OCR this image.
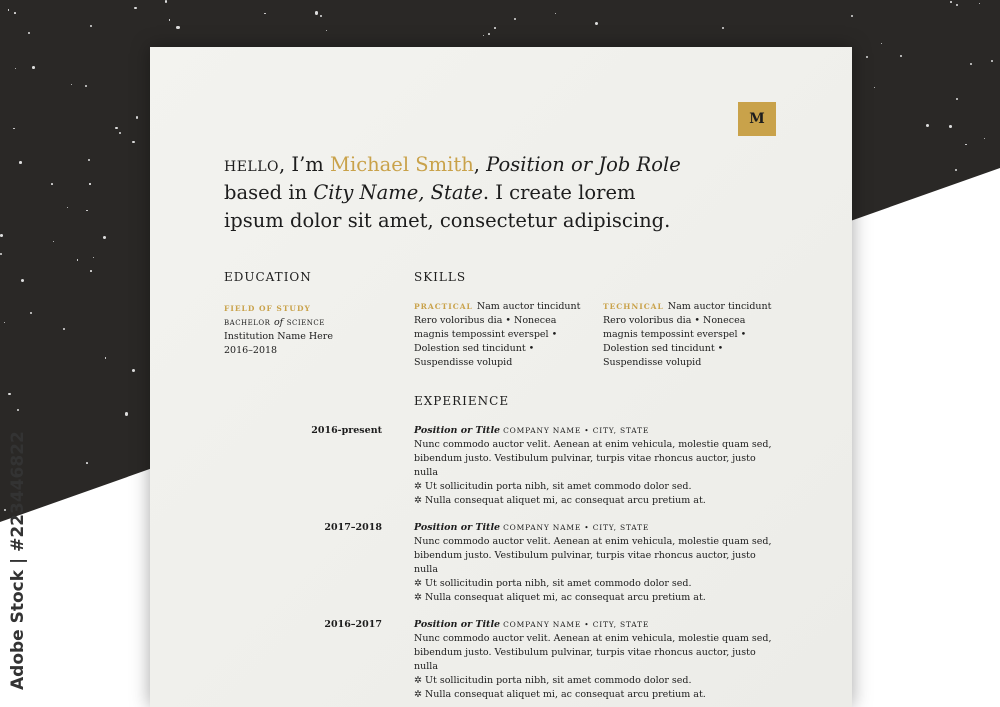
Adobe Stock | #223446822
M
hello, I’m Michael Smith, Position or Job Role
based in City Name, State. I create lorem ipsum dolor sit amet, consectetur adipiscing.
EDUCATION
FIELD OF STUDY
bachelor of science
Institution Name Here
2016–2018
SKILLS
PRACTICAL Nam auctor tincidunt Rero voloribus dia • Nonecea magnis tempossint everspel • Dolestion sed tincidunt • Suspendisse volupid
TECHNICAL Nam auctor tincidunt Rero voloribus dia • Nonecea magnis tempossint everspel • Dolestion sed tincidunt • Suspendisse volupid
EXPERIENCE
2016-present	Position or Title COMPANY NAME • CITY, STATE
Nunc commodo auctor velit. Aenean at enim vehicula, molestie quam sed, bibendum justo. Vestibulum pulvinar, turpis vitae rhoncus auctor, justo nulla
✲ Ut sollicitudin porta nibh, sit amet commodo dolor sed.
✲ Nulla consequat aliquet mi, ac consequat arcu pretium at.
2017–2018	Position or Title COMPANY NAME • CITY, STATE
Nunc commodo auctor velit. Aenean at enim vehicula, molestie quam sed, bibendum justo. Vestibulum pulvinar, turpis vitae rhoncus auctor, justo nulla
✲ Ut sollicitudin porta nibh, sit amet commodo dolor sed.
✲ Nulla consequat aliquet mi, ac consequat arcu pretium at.
2016–2017	Position or Title COMPANY NAME • CITY, STATE
Nunc commodo auctor velit. Aenean at enim vehicula, molestie quam sed, bibendum justo. Vestibulum pulvinar, turpis vitae rhoncus auctor, justo nulla
✲ Ut sollicitudin porta nibh, sit amet commodo dolor sed.
✲ Nulla consequat aliquet mi, ac consequat arcu pretium at.
